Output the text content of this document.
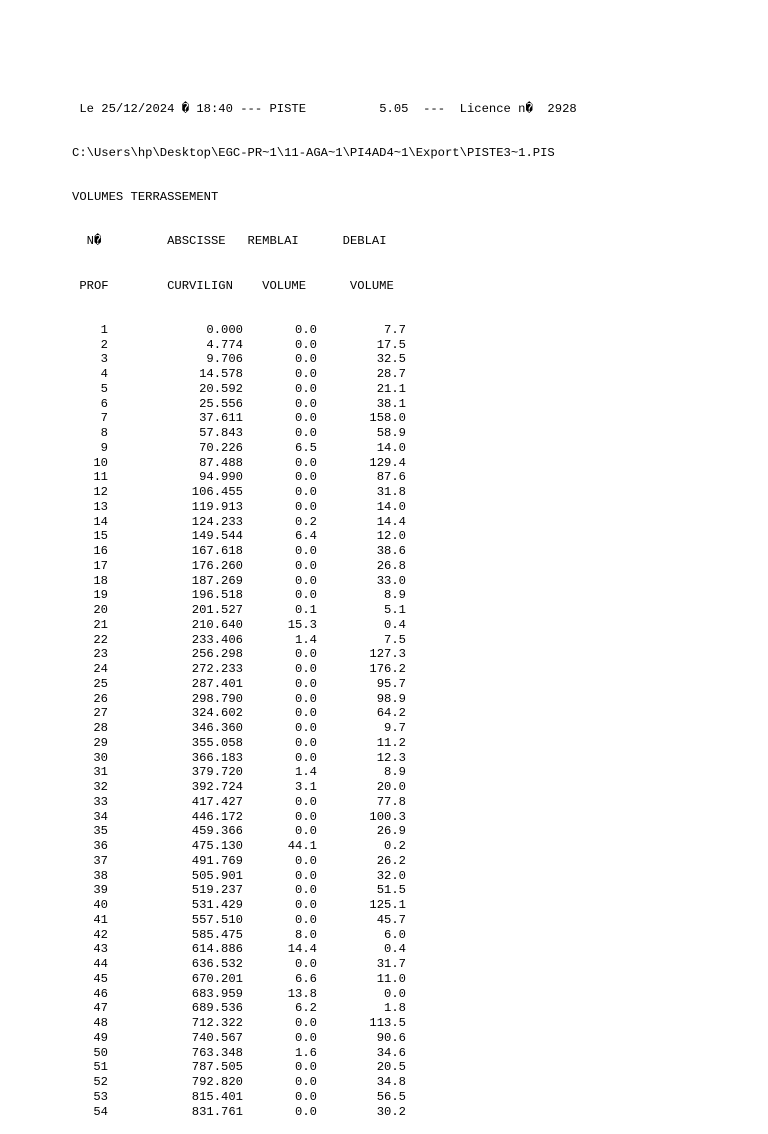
Le 25/12/2024 � 18:40 --- PISTE          5.05  ---  Licence n�  2928

C:\Users\hp\Desktop\EGC-PR~1\11-AGA~1\PI4AD4~1\Export\PISTE3~1.PIS

VOLUMES TERRASSEMENT

N�         ABSCISSE   REMBLAI      DEBLAI

PROF        CURVILIGN    VOLUME      VOLUME

1	0.000	0.0	7.7
2	4.774	0.0	17.5
3	9.706	0.0	32.5
4	14.578	0.0	28.7
5	20.592	0.0	21.1
6	25.556	0.0	38.1
7	37.611	0.0	158.0
8	57.843	0.0	58.9
9	70.226	6.5	14.0
10	87.488	0.0	129.4
11	94.990	0.0	87.6
12	106.455	0.0	31.8
13	119.913	0.0	14.0
14	124.233	0.2	14.4
15	149.544	6.4	12.0
16	167.618	0.0	38.6
17	176.260	0.0	26.8
18	187.269	0.0	33.0
19	196.518	0.0	8.9
20	201.527	0.1	5.1
21	210.640	15.3	0.4
22	233.406	1.4	7.5
23	256.298	0.0	127.3
24	272.233	0.0	176.2
25	287.401	0.0	95.7
26	298.790	0.0	98.9
27	324.602	0.0	64.2
28	346.360	0.0	9.7
29	355.058	0.0	11.2
30	366.183	0.0	12.3
31	379.720	1.4	8.9
32	392.724	3.1	20.0
33	417.427	0.0	77.8
34	446.172	0.0	100.3
35	459.366	0.0	26.9
36	475.130	44.1	0.2
37	491.769	0.0	26.2
38	505.901	0.0	32.0
39	519.237	0.0	51.5
40	531.429	0.0	125.1
41	557.510	0.0	45.7
42	585.475	8.0	6.0
43	614.886	14.4	0.4
44	636.532	0.0	31.7
45	670.201	6.6	11.0
46	683.959	13.8	0.0
47	689.536	6.2	1.8
48	712.322	0.0	113.5
49	740.567	0.0	90.6
50	763.348	1.6	34.6
51	787.505	0.0	20.5
52	792.820	0.0	34.8
53	815.401	0.0	56.5
54	831.761	0.0	30.2
